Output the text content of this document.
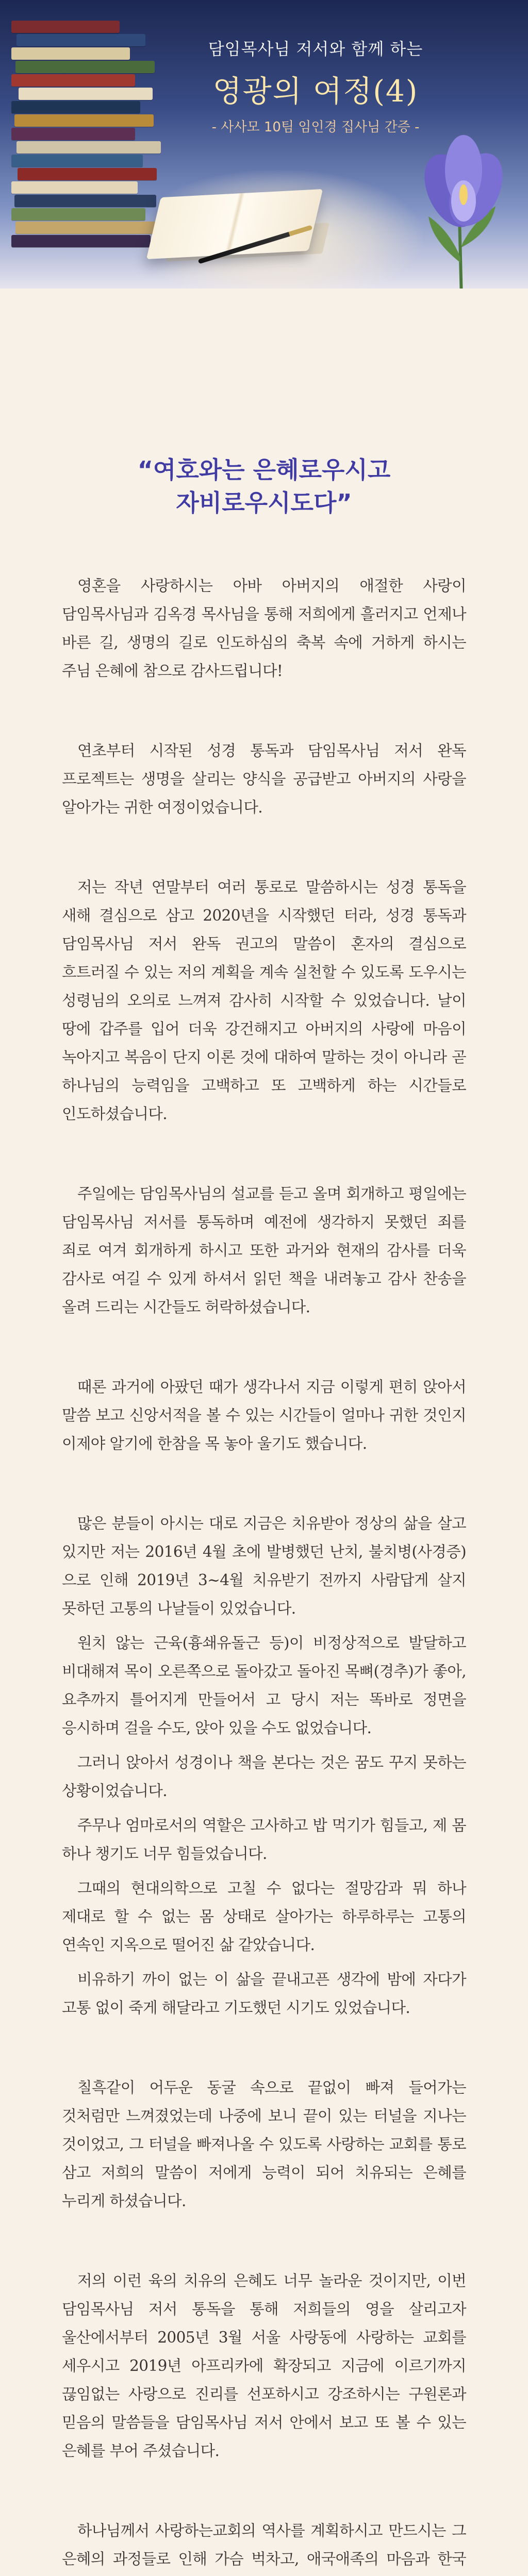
담임목사님 저서와 함께 하는
영광의 여정(4)
- 사사모 10팀 임인경 집사님 간증 -
“여호와는 은혜로우시고
자비로우시도다”

영혼을 사랑하시는 아바 아버지의 애절한 사랑이 담임목사님과 김옥경 목사님을 통해 저희에게 흘러지고 언제나 바른 길, 생명의 길로 인도하심의 축복 속에 거하게 하시는 주님 은혜에 참으로 감사드립니다!

연초부터 시작된 성경 통독과 담임목사님 저서 완독 프로젝트는 생명을 살리는 양식을 공급받고 아버지의 사랑을 알아가는 귀한 여정이었습니다.

저는 작년 연말부터 여러 통로로 말씀하시는 성경 통독을 새해 결심으로 삼고 2020년을 시작했던 터라, 성경 통독과 담임목사님 저서 완독 권고의 말씀이 혼자의 결심으로 흐트러질 수 있는 저의 계획을 계속 실천할 수 있도록 도우시는 성령님의 오의로 느껴져 감사히 시작할 수 있었습니다. 날이 땅에 갑주를 입어 더욱 강건해지고 아버지의 사랑에 마음이 녹아지고 복음이 단지 이론 것에 대하여 말하는 것이 아니라 곧 하나님의 능력임을 고백하고 또 고백하게 하는 시간들로 인도하셨습니다.

주일에는 담임목사님의 설교를 듣고 올며 회개하고 평일에는 담임목사님 저서를 통독하며 예전에 생각하지 못했던 죄를 죄로 여겨 회개하게 하시고 또한 과거와 현재의 감사를 더욱 감사로 여길 수 있게 하셔서 읽던 책을 내려놓고 감사 찬송을 올려 드리는 시간들도 허락하셨습니다.

때론 과거에 아팠던 때가 생각나서 지금 이렇게 편히 앉아서 말씀 보고 신앙서적을 볼 수 있는 시간들이 얼마나 귀한 것인지 이제야 알기에 한참을 목 놓아 울기도 했습니다.

많은 분들이 아시는 대로 지금은 치유받아 정상의 삶을 살고 있지만 저는 2016년 4월 초에 발병했던 난치, 불치병(사경증)으로 인해 2019년 3~4월 치유받기 전까지 사람답게 살지 못하던 고통의 나날들이 있었습니다.

원치 않는 근육(흉쇄유돌근 등)이 비정상적으로 발달하고 비대해져 목이 오른쪽으로 돌아갔고 돌아진 목뼈(경추)가 좋아, 요추까지 틀어지게 만들어서 고 당시 저는 똑바로 정면을 응시하며 걸을 수도, 앉아 있을 수도 없었습니다.

그러니 앉아서 성경이나 책을 본다는 것은 꿈도 꾸지 못하는 상황이었습니다.

주무나 엄마로서의 역할은 고사하고 밥 먹기가 힘들고, 제 몸 하나 챙기도 너무 힘들었습니다.

그때의 현대의학으로 고칠 수 없다는 절망감과 뭐 하나 제대로 할 수 없는 몸 상태로 살아가는 하루하루는 고통의 연속인 지옥으로 떨어진 삶 같았습니다.

비유하기 까이 없는 이 삶을 끝내고픈 생각에 밤에 자다가 고통 없이 죽게 해달라고 기도했던 시기도 있었습니다.

칠흑같이 어두운 동굴 속으로 끝없이 빠져 들어가는 것처럼만 느껴졌었는데 나중에 보니 끝이 있는 터널을 지나는 것이었고, 그 터널을 빠져나올 수 있도록 사랑하는 교회를 통로 삼고 저희의 말씀이 저에게 능력이 되어 치유되는 은혜를 누리게 하셨습니다.

저의 이런 육의 치유의 은혜도 너무 놀라운 것이지만, 이번 담임목사님 저서 통독을 통해 저희들의 영을 살리고자 울산에서부터 2005년 3월 서울 사랑동에 사랑하는 교회를 세우시고 2019년 아프리카에 확장되고 지금에 이르기까지 끊임없는 사랑으로 진리를 선포하시고 강조하시는 구원론과 믿음의 말씀들을 담임목사님 저서 안에서 보고 또 볼 수 있는 은혜를 부어 주셨습니다.

하나님께서 사랑하는교회의 역사를 계획하시고 만드시는 그 은혜의 과정들로 인해 가슴 벅차고, 애국애족의 마음과 한국
